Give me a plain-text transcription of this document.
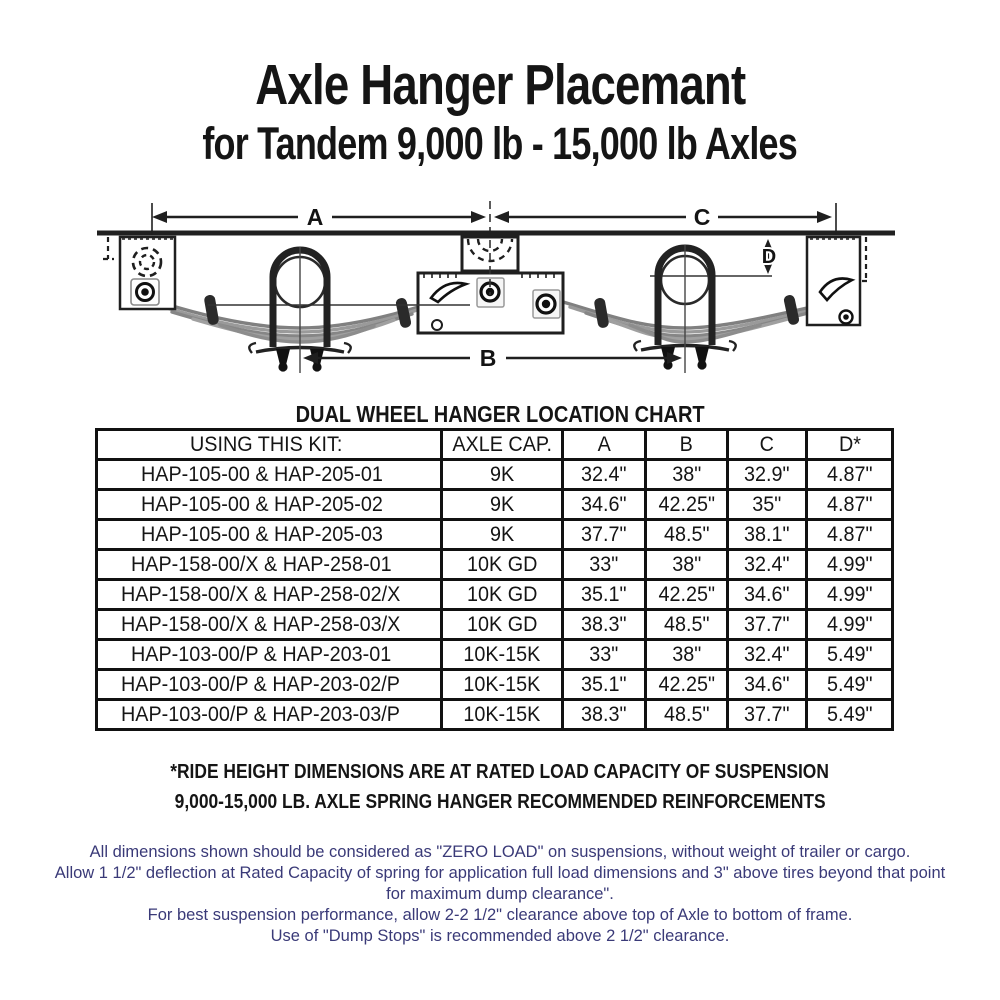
Axle Hanger Placemant
for Tandem 9,000 lb - 15,000 lb Axles
A	C
B
D
DUAL WHEEL HANGER LOCATION CHART
USING THIS KIT:	AXLE CAP.	A	B	C	D*
HAP-105-00 & HAP-205-01	9K	32.4"	38"	32.9"	4.87"
HAP-105-00 & HAP-205-02	9K	34.6"	42.25"	35"	4.87"
HAP-105-00 & HAP-205-03	9K	37.7"	48.5"	38.1"	4.87"
HAP-158-00/X & HAP-258-01	10K GD	33"	38"	32.4"	4.99"
HAP-158-00/X & HAP-258-02/X	10K GD	35.1"	42.25"	34.6"	4.99"
HAP-158-00/X & HAP-258-03/X	10K GD	38.3"	48.5"	37.7"	4.99"
HAP-103-00/P & HAP-203-01	10K-15K	33"	38"	32.4"	5.49"
HAP-103-00/P & HAP-203-02/P	10K-15K	35.1"	42.25"	34.6"	5.49"
HAP-103-00/P & HAP-203-03/P	10K-15K	38.3"	48.5"	37.7"	5.49"
*RIDE HEIGHT DIMENSIONS ARE AT RATED LOAD CAPACITY OF SUSPENSION
9,000-15,000 LB. AXLE SPRING HANGER RECOMMENDED REINFORCEMENTS
All dimensions shown should be considered as "ZERO LOAD" on suspensions, without weight of trailer or cargo.
Allow 1 1/2" deflection at Rated Capacity of spring for application full load dimensions and 3" above tires beyond that point for maximum dump clearance".
For best suspension performance, allow 2-2 1/2" clearance above top of Axle to bottom of frame.
Use of "Dump Stops" is recommended above 2 1/2" clearance.
